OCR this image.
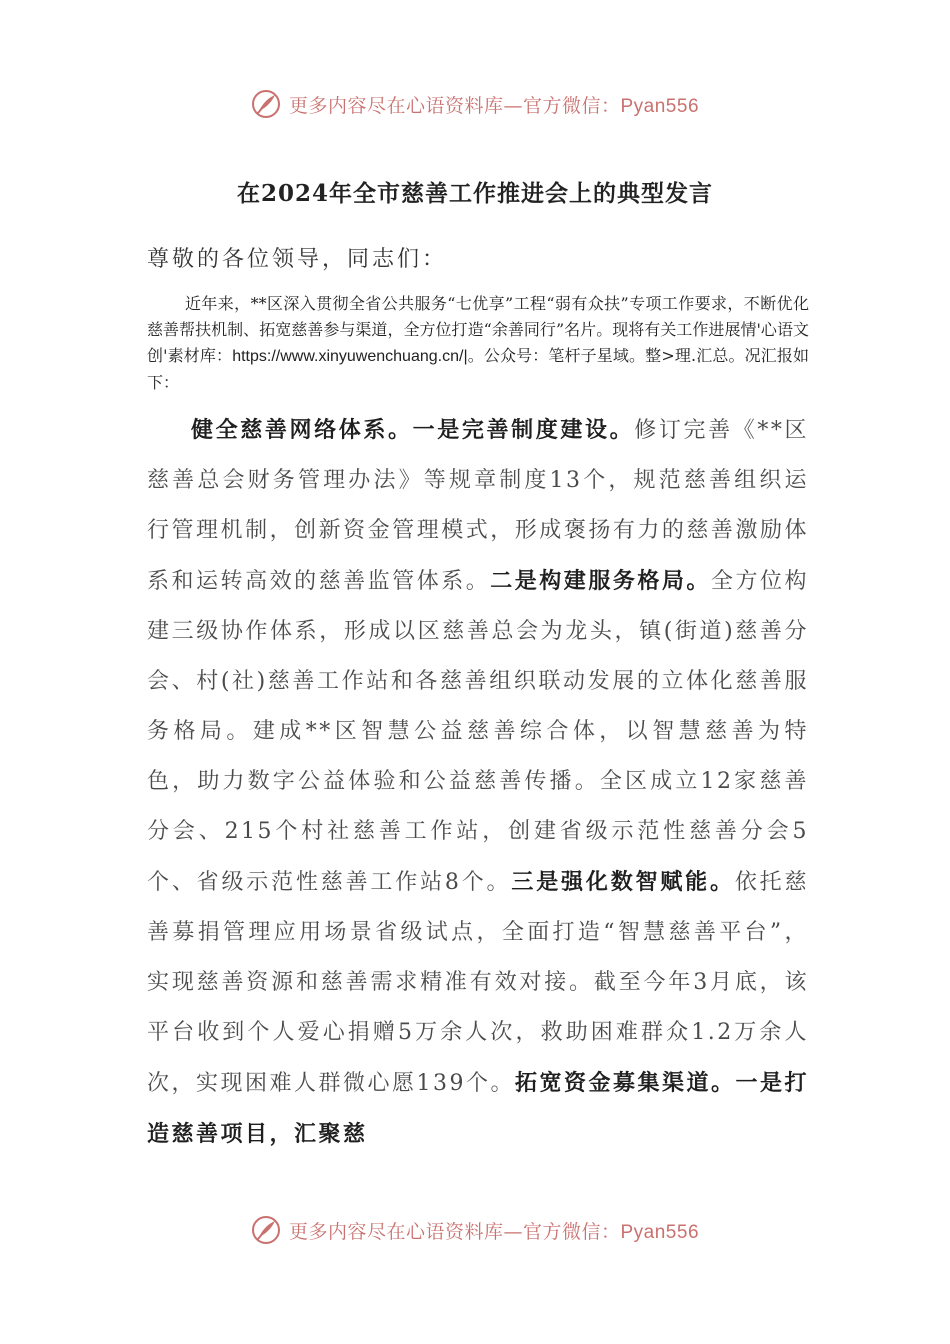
更多内容尽在心语资料库—官方微信：Pyan556
在2024年全市慈善工作推进会上的典型发言
尊敬的各位领导，同志们：
近年来，**区深入贯彻全省公共服务“七优享”工程“弱有众扶”专项工作要求，不断优化慈善帮扶机制、拓宽慈善参与渠道，全方位打造“余善同行”名片。现将有关工作进展情'心语文创'素材库：https://www.xinyuwenchuang.cn/|。公众号：笔杆子星域。整>理.汇总。况汇报如下：
健全慈善网络体系。一是完善制度建设。修订完善《**区慈善总会财务管理办法》等规章制度13个，规范慈善组织运行管理机制，创新资金管理模式，形成褒扬有力的慈善激励体系和运转高效的慈善监管体系。二是构建服务格局。全方位构建三级协作体系，形成以区慈善总会为龙头，镇(街道)慈善分会、村(社)慈善工作站和各慈善组织联动发展的立体化慈善服务格局。建成**区智慧公益慈善综合体，以智慧慈善为特色，助力数字公益体验和公益慈善传播。全区成立12家慈善分会、215个村社慈善工作站，创建省级示范性慈善分会5个、省级示范性慈善工作站8个。三是强化数智赋能。依托慈善募捐管理应用场景省级试点，全面打造“智慧慈善平台”，实现慈善资源和慈善需求精准有效对接。截至今年3月底，该平台收到个人爱心捐赠5万余人次，救助困难群众1.2万余人次，实现困难人群微心愿139个。拓宽资金募集渠道。一是打造慈善项目，汇聚慈
更多内容尽在心语资料库—官方微信：Pyan556
